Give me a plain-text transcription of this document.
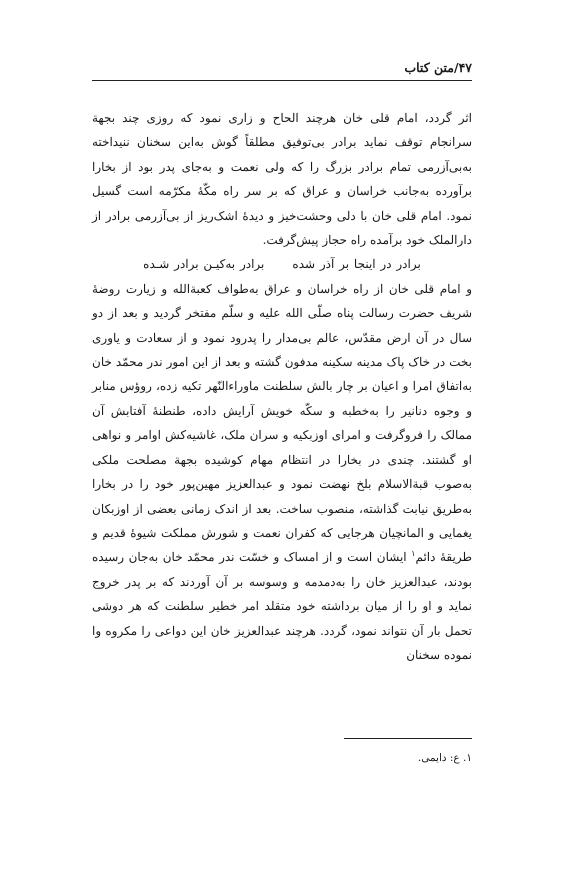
۴۷/متن کتاب

اثر گردد، امام قلی خان هرچند الحاح و زاری نمود که روزی چند بجهة سرانجام توقف نماید برادر بی‌توفیق مطلقاً گوش به‌این سخنان ننیداخته به‌بی‌آزرمی تمام برادر بزرگ را که ولی نعمت و به‌جای پدر بود از بخارا برآورده به‌جانب خراسان و عراق که بر سر راه مکّهٔ مکرّمه است گسیل نمود. امام قلی خان با دلی وحشت‌خیز و دیدهٔ اشک‌ریز از بی‌آزرمی برادر از دارالملک خود برآمده راه حجاز پیش‌گرفت.

برادر در اینجا بر آذر شدهبرادر به‌کیـن برادر شـده

و امام قلی خان از راه خراسان و عراق به‌طواف کعبةالله و زیارت روضهٔ شریف حضرت رسالت پناه صلّی الله علیه و سلّم مفتخر گردید و بعد از دو سال در آن ارض مقدّس، عالم بی‌مدار را پدرود نمود و از سعادت و یاوری بخت در خاک پاک مدینه سکینه مدفون گشته و بعد از این امور ندر محمّد خان به‌اتفاق امرا و اعیان بر چار بالش سلطنت ماوراءالنّهر تکیه زده، روؤس منابر و وجوه دنانیر را به‌خطبه و سکّه خویش آرایش داده، طنطنهٔ آفتابش آن ممالک را فروگرفت و امرای اوزبکیه و سران ملک، غاشیه‌کش اوامر و نواهی او گشتند. چندی در بخارا در انتظام مهام کوشیده بجهة مصلحت ملکی به‌صوب قبةالاسلام بلخ نهضت نمود و عبدالعزیز مهین‌پور خود را در بخارا به‌طریق نیابت گذاشته، منصوب ساخت. بعد از اندک زمانی بعضی از اوزبکان یغمایی و المانچیان هرجایی که کفران نعمت و شورش مملکت شیوهٔ قدیم و طریقهٔ دائم$^۱$ ایشان است و از امساک و خسّت ندر محمّد خان به‌جان رسیده بودند، عبدالعزیز خان را به‌دمدمه و وسوسه بر آن آوردند که بر پدر خروج نماید و او را از میان برداشته خود متقلد امر خطیر سلطنت که هر دوشی تحمل بار آن نتواند نمود، گردد. هرچند عبدالعزیز خان این دواعی را مکروه وا نموده سخنان

۱. ع: دایمی.
